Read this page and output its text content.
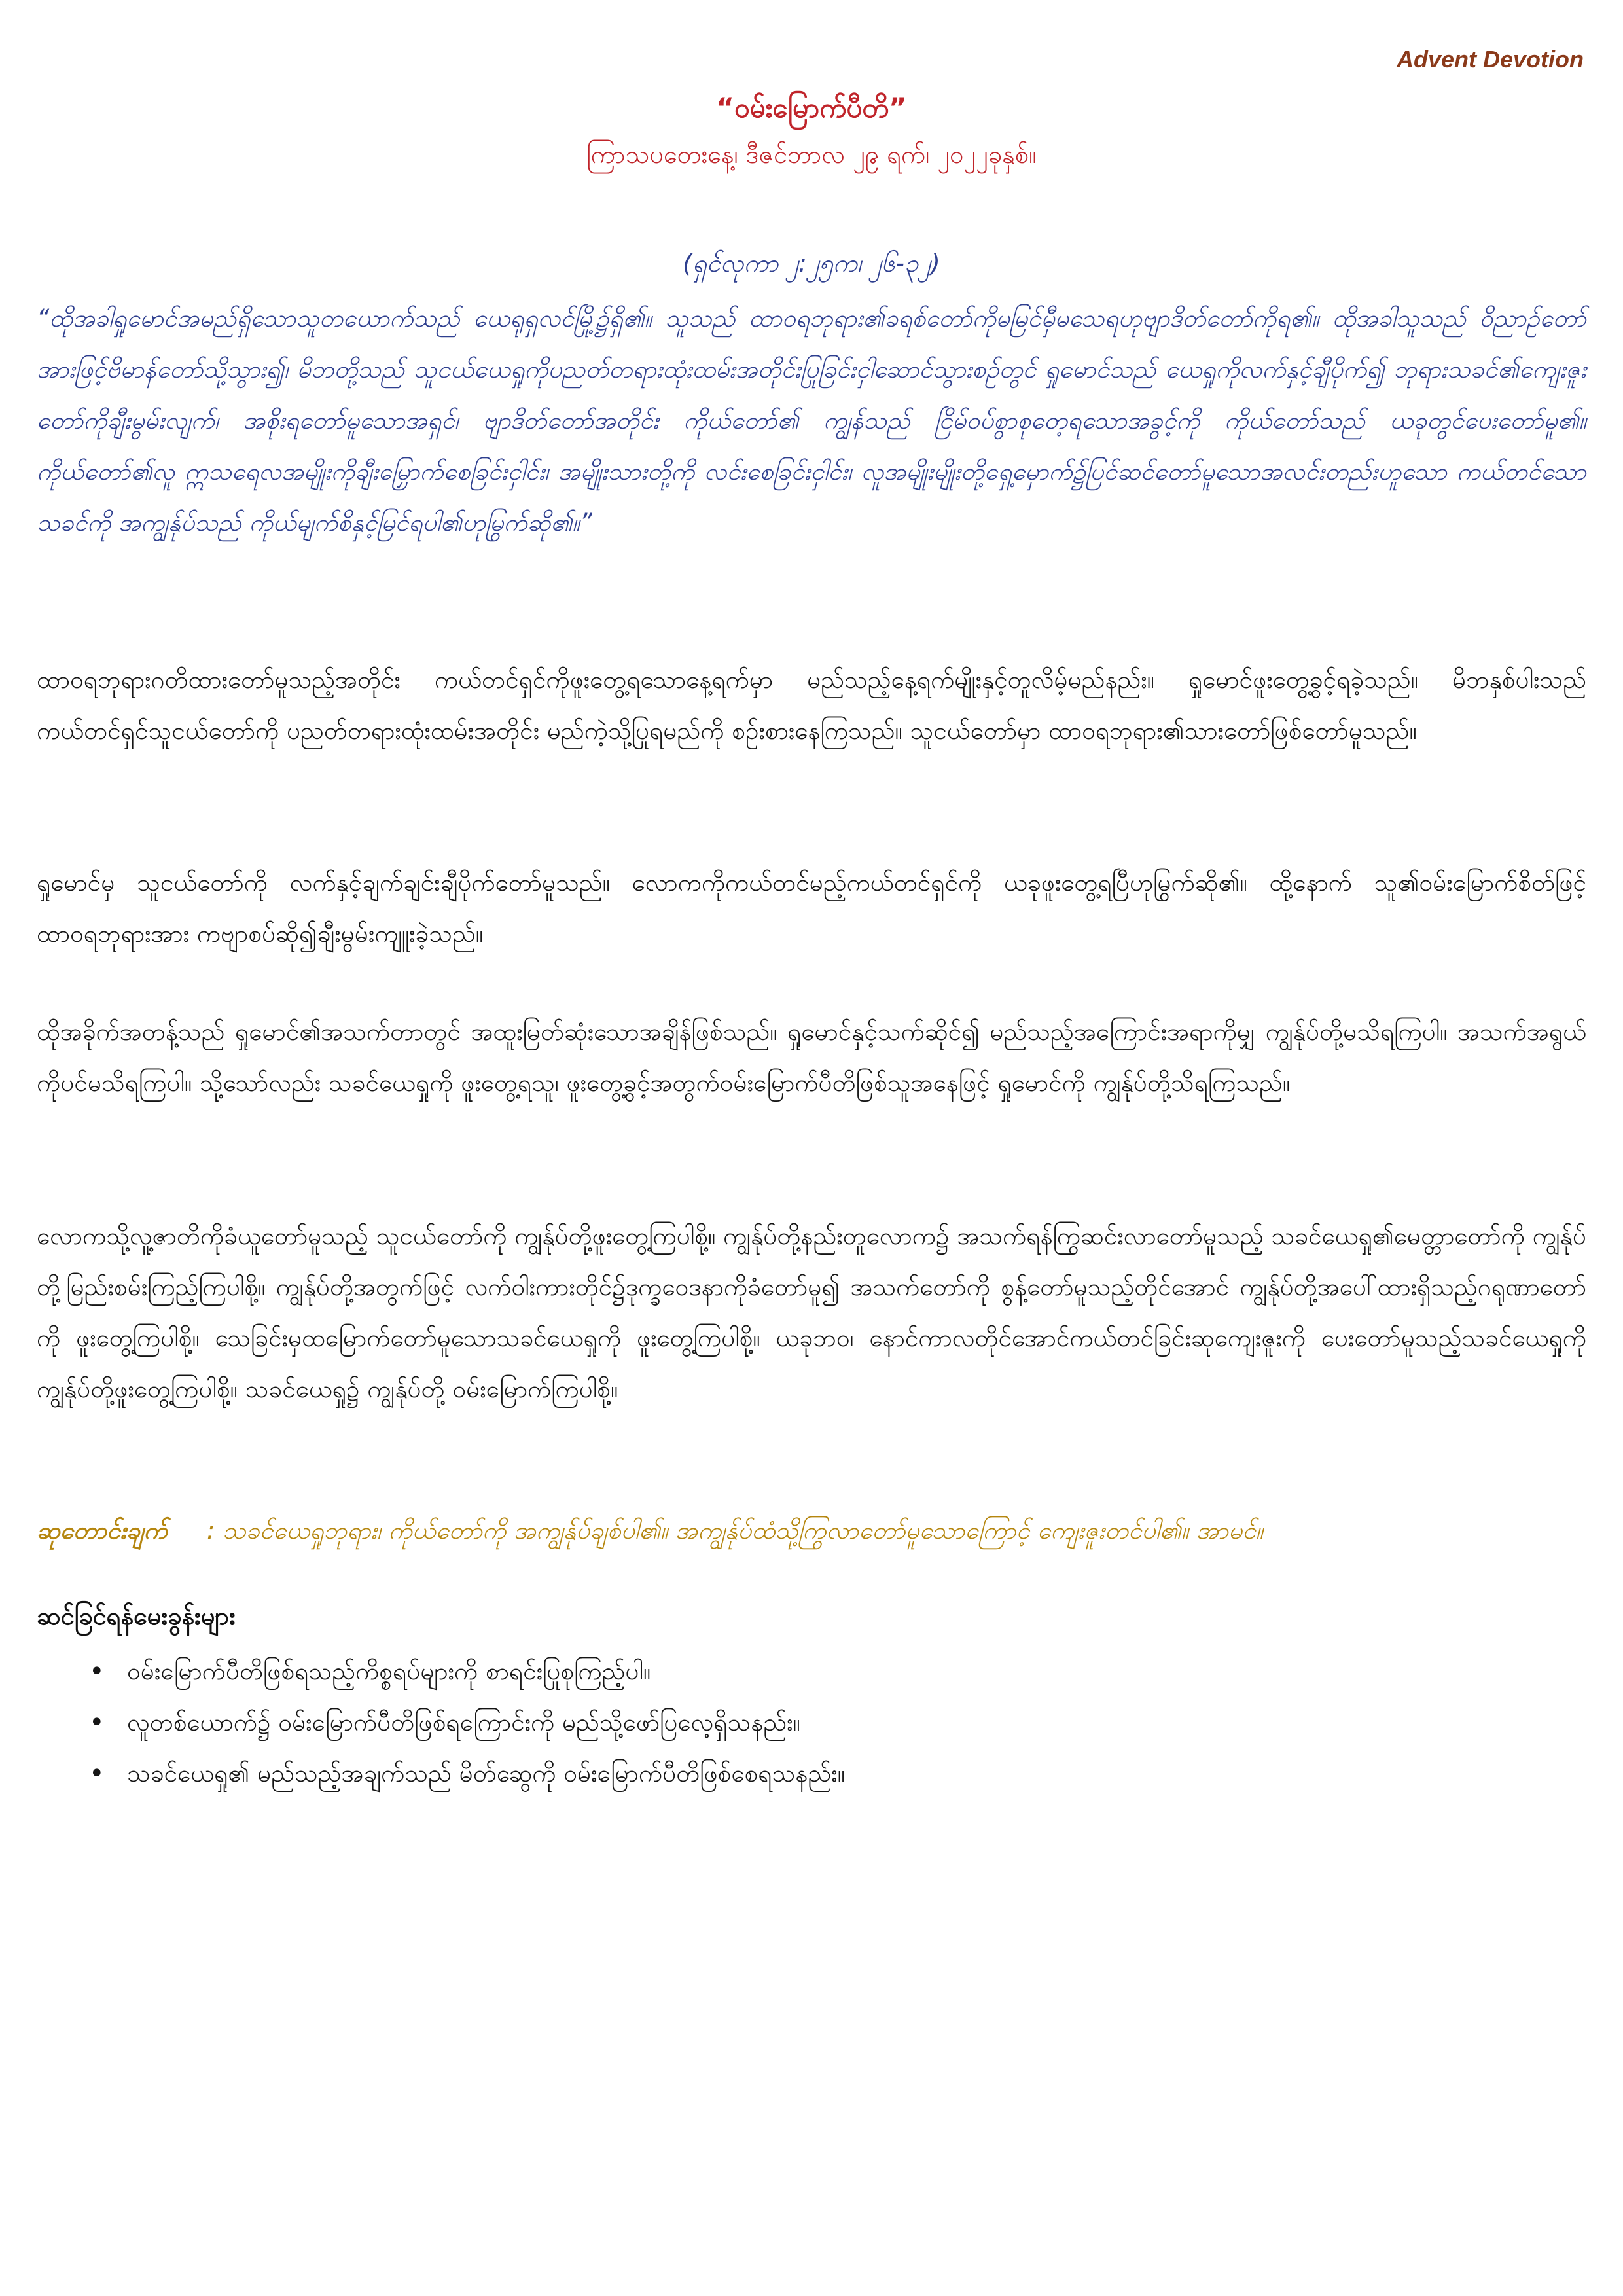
Advent Devotion
“ဝမ်းမြောက်ပီတိ”
ကြာသပတေးနေ့၊ ဒီဇင်ဘာလ ၂၉ ရက်၊ ၂၀၂၂ခုနှစ်။
(ရှင်လုကာ ၂:၂၅က၊ ၂၆-၃၂)
“ထိုအခါရှုမောင်အမည်ရှိသောသူတယောက်သည် ယေရုရှလင်မြို့၌ရှိ၏။ သူသည် ထာဝရဘုရား၏ခရစ်တော်ကိုမမြင်မှီမသေရဟုဗျာဒိတ်တော်ကိုရ၏။ ထိုအခါသူသည် ဝိညာဉ်တော်အားဖြင့်ဗိမာန်တော်သို့သွား၍၊ မိဘတို့သည် သူငယ်ယေရှုကိုပညတ်တရားထုံးထမ်းအတိုင်းပြုခြင်းငှါဆောင်သွားစဉ်တွင် ရှုမောင်သည် ယေရှုကိုလက်နှင့်ချီပိုက်၍ ဘုရားသခင်၏ကျေးဇူးတော်ကိုချီးမွမ်းလျက်၊ အစိုးရတော်မူသောအရှင်၊ ဗျာဒိတ်တော်အတိုင်း ကိုယ်တော်၏ ကျွန်သည် ငြိမ်ဝပ်စွာစုတေ့ရသောအခွင့်ကို ကိုယ်တော်သည် ယခုတွင်ပေးတော်မူ၏။ ကိုယ်တော်၏လူ ဣသရေလအမျိုးကိုချီးမြှောက်စေခြင်းငှါင်း၊ အမျိုးသားတို့ကို လင်းစေခြင်းငှါင်း၊ လူအမျိုးမျိုးတို့ရှေ့မှောက်၌ပြင်ဆင်တော်မူသောအလင်းတည်းဟူသော ကယ်တင်သောသခင်ကို အကျွန်ုပ်သည် ကိုယ်မျက်စိနှင့်မြင်ရပါ၏ဟုမြွက်ဆို၏။”
ထာဝရဘုရားဂတိထားတော်မူသည့်အတိုင်း ကယ်တင်ရှင်ကိုဖူးတွေ့ရသောနေ့ရက်မှာ မည်သည့်နေ့ရက်မျိုးနှင့်တူလိမ့်မည်နည်း။ ရှုမောင်ဖူးတွေ့ခွင့်ရခဲ့သည်။ မိဘနှစ်ပါးသည် ကယ်တင်ရှင်သူငယ်တော်ကို ပညတ်တရားထုံးထမ်းအတိုင်း မည်ကဲ့သို့ပြုရမည်ကို စဉ်းစားနေကြသည်။ သူငယ်တော်မှာ ထာဝရဘုရား၏သားတော်ဖြစ်တော်မူသည်။
ရှုမောင်မှ သူငယ်တော်ကို လက်နှင့်ချက်ချင်းချီပိုက်တော်မူသည်။ လောကကိုကယ်တင်မည့်ကယ်တင်ရှင်ကို ယခုဖူးတွေ့ရပြီဟုမြွက်ဆို၏။ ထို့နောက် သူ၏ဝမ်းမြောက်စိတ်ဖြင့် ထာဝရဘုရားအား ကဗျာစပ်ဆို၍ချီးမွမ်းကျူးခဲ့သည်။
ထိုအခိုက်အတန့်သည် ရှုမောင်၏အသက်တာတွင် အထူးမြတ်ဆုံးသောအချိန်ဖြစ်သည်။ ရှုမောင်နှင့်သက်ဆိုင်၍ မည်သည့်အကြောင်းအရာကိုမျှ ကျွန်ုပ်တို့မသိရကြပါ။ အသက်အရွယ်ကိုပင်မသိရကြပါ။ သို့သော်လည်း သခင်ယေရှုကို ဖူးတွေ့ရသူ၊ ဖူးတွေ့ခွင့်အတွက်ဝမ်းမြောက်ပီတိဖြစ်သူအနေဖြင့် ရှုမောင်ကို ကျွန်ုပ်တို့သိရကြသည်။
လောကသို့လူ့ဇာတိကိုခံယူတော်မူသည့် သူငယ်တော်ကို ကျွန်ုပ်တို့ဖူးတွေ့ကြပါစို့။ ကျွန်ုပ်တို့နည်းတူလောက၌ အသက်ရန်ကြွဆင်းလာတော်မူသည့် သခင်ယေရှု၏မေတ္တာတော်ကို ကျွန်ုပ်တို့မြည်းစမ်းကြည့်ကြပါစို့။ ကျွန်ုပ်တို့အတွက်ဖြင့် လက်ဝါးကားတိုင်၌ဒုက္ခဝေဒနာကိုခံတော်မူ၍ အသက်တော်ကို စွန့်တော်မူသည့်တိုင်အောင် ကျွန်ုပ်တို့အပေါ်ထားရှိသည့်ဂရုဏာတော်ကို ဖူးတွေ့ကြပါစို့။ သေခြင်းမှထမြောက်တော်မူသောသခင်ယေရှုကို ဖူးတွေ့ကြပါစို့။ ယခုဘဝ၊ နောင်ကာလတိုင်အောင်ကယ်တင်ခြင်းဆုကျေးဇူးကို ပေးတော်မူသည့်သခင်ယေရှုကို ကျွန်ုပ်တို့ဖူးတွေ့ကြပါစို့။ သခင်ယေရှု၌ ကျွန်ုပ်တို့ ဝမ်းမြောက်ကြပါစို့။
ဆုတောင်းချက် : သခင်ယေရှုဘုရား၊ ကိုယ်တော်ကို အကျွန်ုပ်ချစ်ပါ၏။ အကျွန်ုပ်ထံသို့ကြွလာတော်မူသောကြောင့် ကျေးဇူးတင်ပါ၏။ အာမင်။
ဆင်ခြင်ရန်မေးခွန်းများ
• ဝမ်းမြောက်ပီတိဖြစ်ရသည့်ကိစ္စရပ်များကို စာရင်းပြုစုကြည့်ပါ။
• လူတစ်ယောက်၌ ဝမ်းမြောက်ပီတိဖြစ်ရကြောင်းကို မည်သို့ဖော်ပြလေ့ရှိသနည်း။
• သခင်ယေရှု၏ မည်သည့်အချက်သည် မိတ်ဆွေကို ဝမ်းမြောက်ပီတိဖြစ်စေရသနည်း။
